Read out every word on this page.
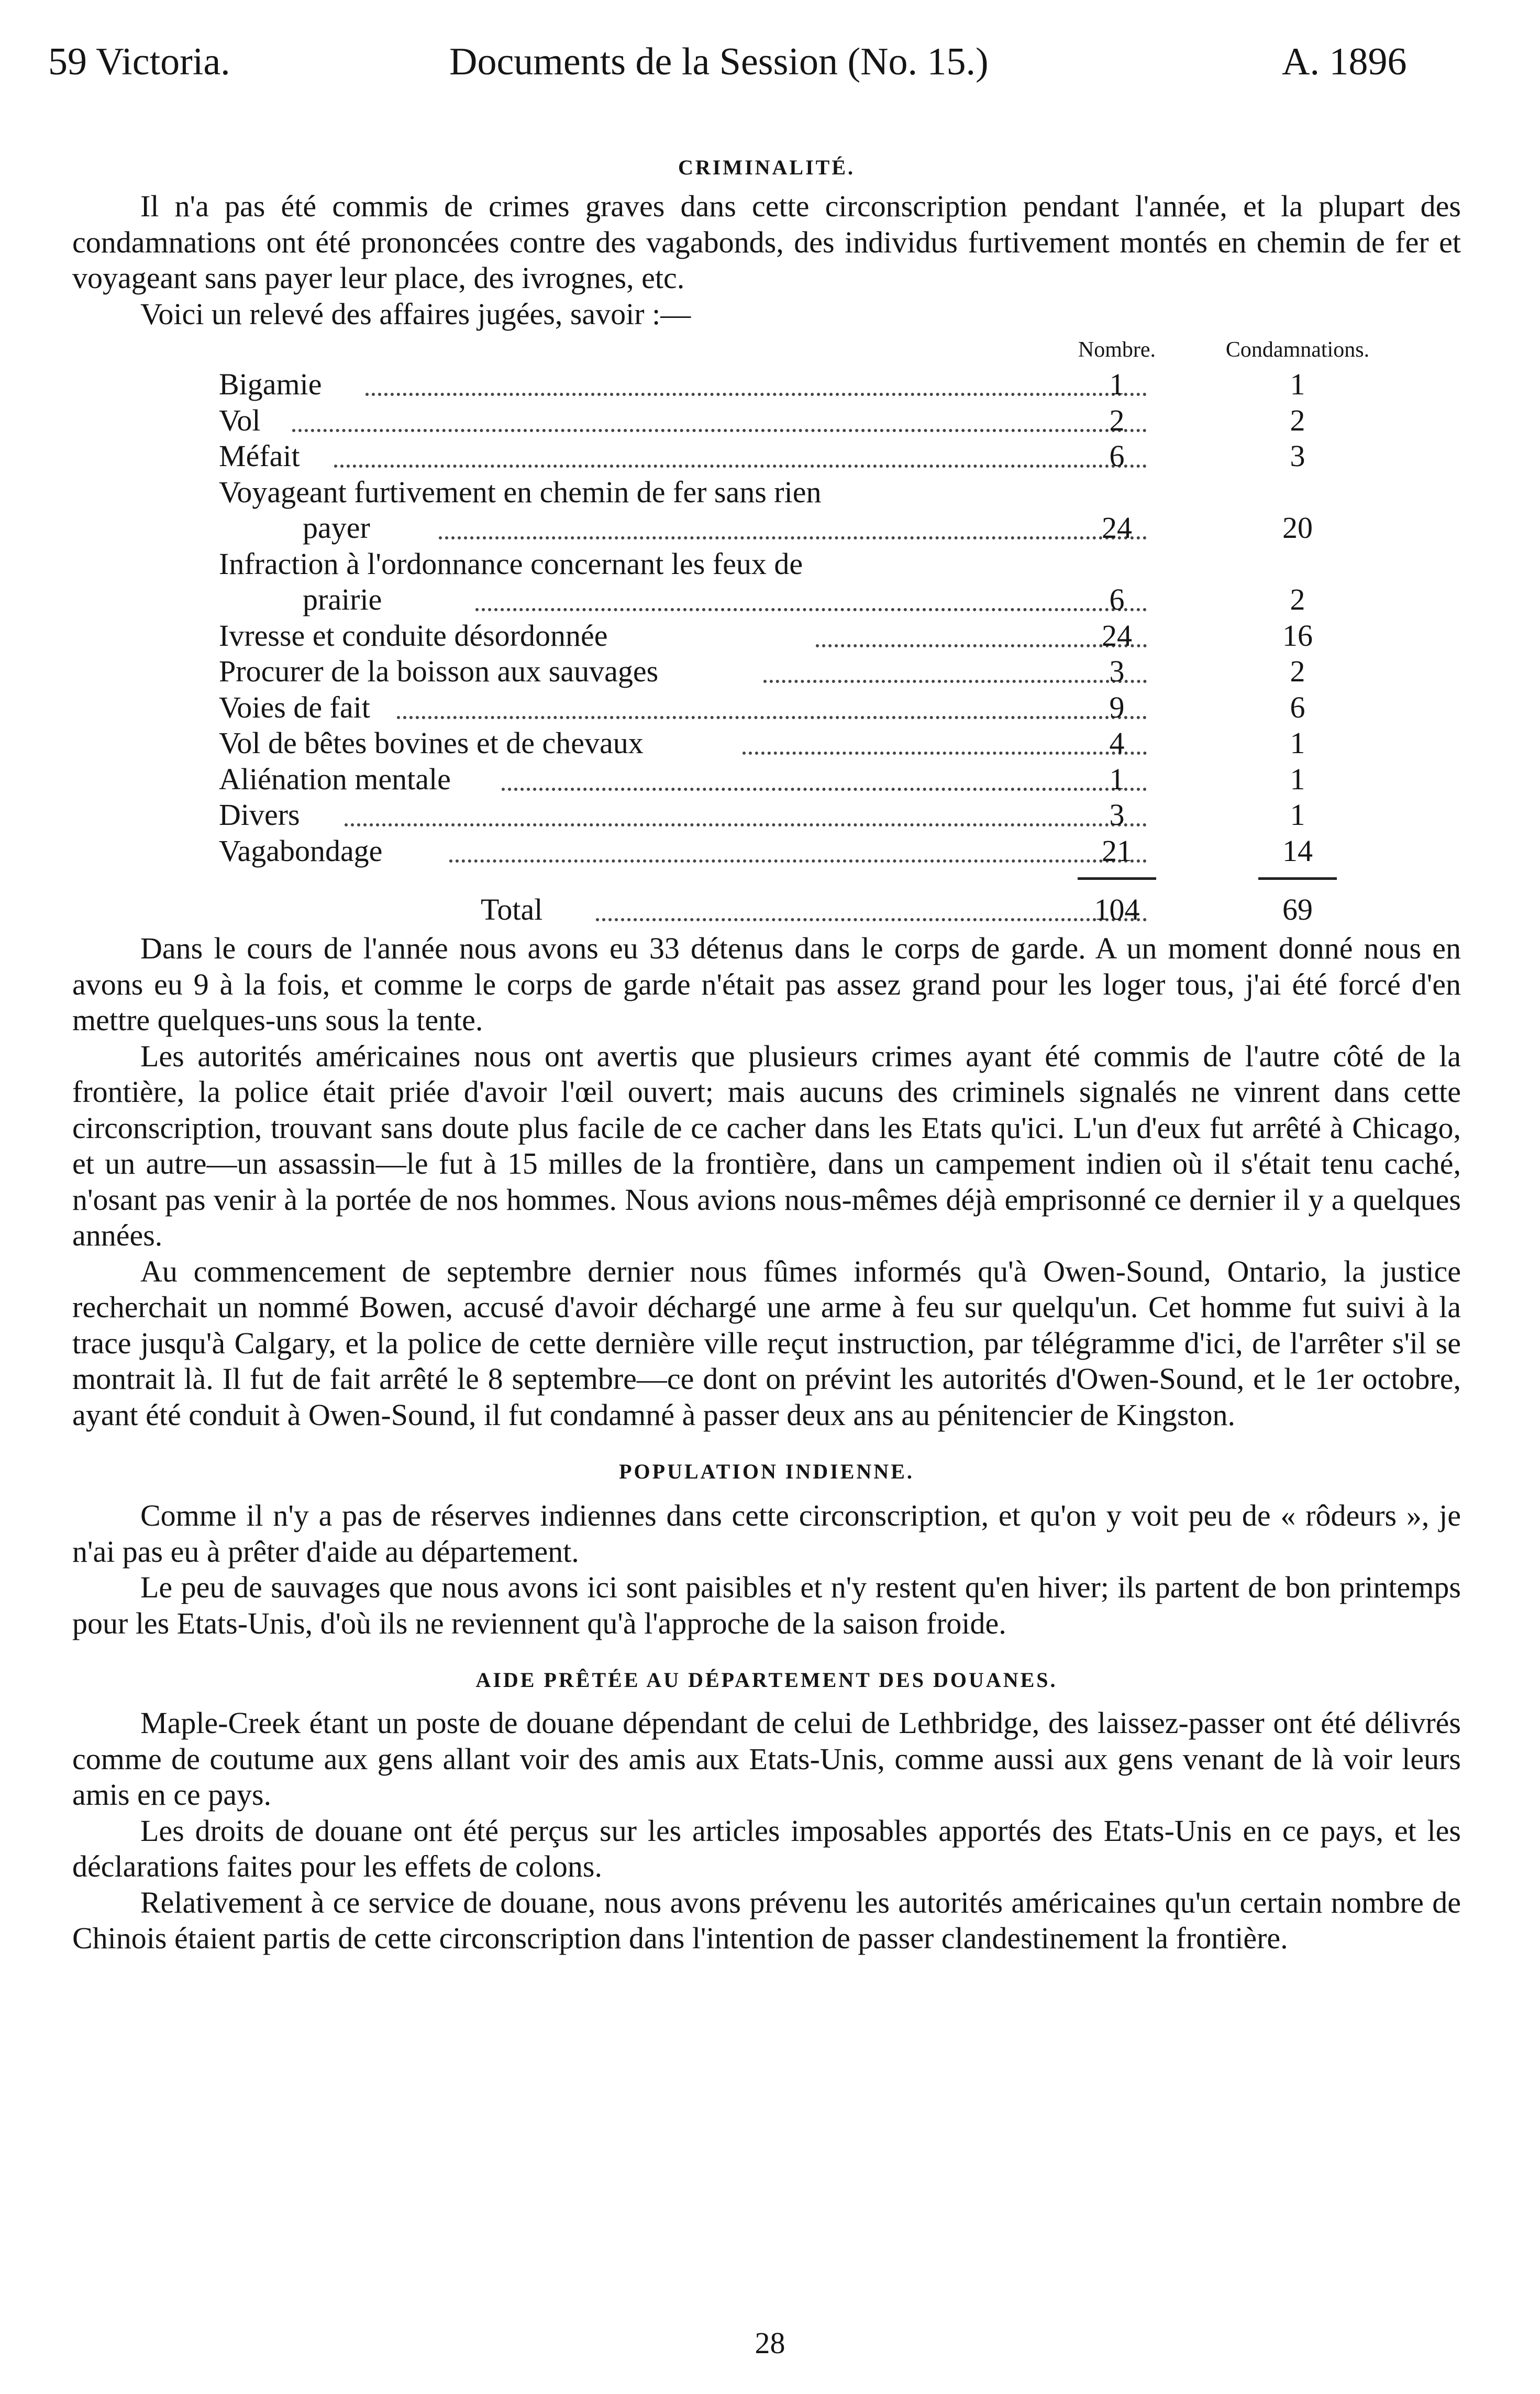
59 Victoria.	Documents de la Session (No. 15.)	A. 1896
CRIMINALITÉ.

Il n'a pas été commis de crimes graves dans cette circonscription pendant l'année, et la plupart des condamnations ont été prononcées contre des vagabonds, des individus furtivement montés en chemin de fer et voyageant sans payer leur place, des ivrognes, etc.

Voici un relevé des affaires jugées, savoir :—

Nombre.	Condamnations.
Bigamie	1	1
Vol	2	2
Méfait	6	3
Voyageant furtivement en chemin de fer sans rien
payer	24	20
Infraction à l'ordonnance concernant les feux de
prairie	6	2
Ivresse et conduite désordonnée	24	16
Procurer de la boisson aux sauvages	3	2
Voies de fait	9	6
Vol de bêtes bovines et de chevaux	4	1
Aliénation mentale	1	1
Divers	3	1
Vagabondage	21	14
Total	104	69

Dans le cours de l'année nous avons eu 33 détenus dans le corps de garde. A un moment donné nous en avons eu 9 à la fois, et comme le corps de garde n'était pas assez grand pour les loger tous, j'ai été forcé d'en mettre quelques-uns sous la tente.

Les autorités américaines nous ont avertis que plusieurs crimes ayant été commis de l'autre côté de la frontière, la police était priée d'avoir l'œil ouvert; mais aucuns des criminels signalés ne vinrent dans cette circonscription, trouvant sans doute plus facile de ce cacher dans les Etats qu'ici. L'un d'eux fut arrêté à Chicago, et un autre—un assassin—le fut à 15 milles de la frontière, dans un campement indien où il s'était tenu caché, n'osant pas venir à la portée de nos hommes. Nous avions nous-mêmes déjà emprisonné ce dernier il y a quelques années.

Au commencement de septembre dernier nous fûmes informés qu'à Owen-Sound, Ontario, la justice recherchait un nommé Bowen, accusé d'avoir déchargé une arme à feu sur quelqu'un. Cet homme fut suivi à la trace jusqu'à Calgary, et la police de cette dernière ville reçut instruction, par télégramme d'ici, de l'arrêter s'il se montrait là. Il fut de fait arrêté le 8 septembre—ce dont on prévint les autorités d'Owen-Sound, et le 1er octobre, ayant été conduit à Owen-Sound, il fut condamné à passer deux ans au pénitencier de Kingston.

POPULATION INDIENNE.

Comme il n'y a pas de réserves indiennes dans cette circonscription, et qu'on y voit peu de « rôdeurs », je n'ai pas eu à prêter d'aide au département.

Le peu de sauvages que nous avons ici sont paisibles et n'y restent qu'en hiver; ils partent de bon printemps pour les Etats-Unis, d'où ils ne reviennent qu'à l'approche de la saison froide.

AIDE PRÊTÉE AU DÉPARTEMENT DES DOUANES.

Maple-Creek étant un poste de douane dépendant de celui de Lethbridge, des laissez-passer ont été délivrés comme de coutume aux gens allant voir des amis aux Etats-Unis, comme aussi aux gens venant de là voir leurs amis en ce pays.

Les droits de douane ont été perçus sur les articles imposables apportés des Etats-Unis en ce pays, et les déclarations faites pour les effets de colons.

Relativement à ce service de douane, nous avons prévenu les autorités américaines qu'un certain nombre de Chinois étaient partis de cette circonscription dans l'intention de passer clandestinement la frontière.

28
